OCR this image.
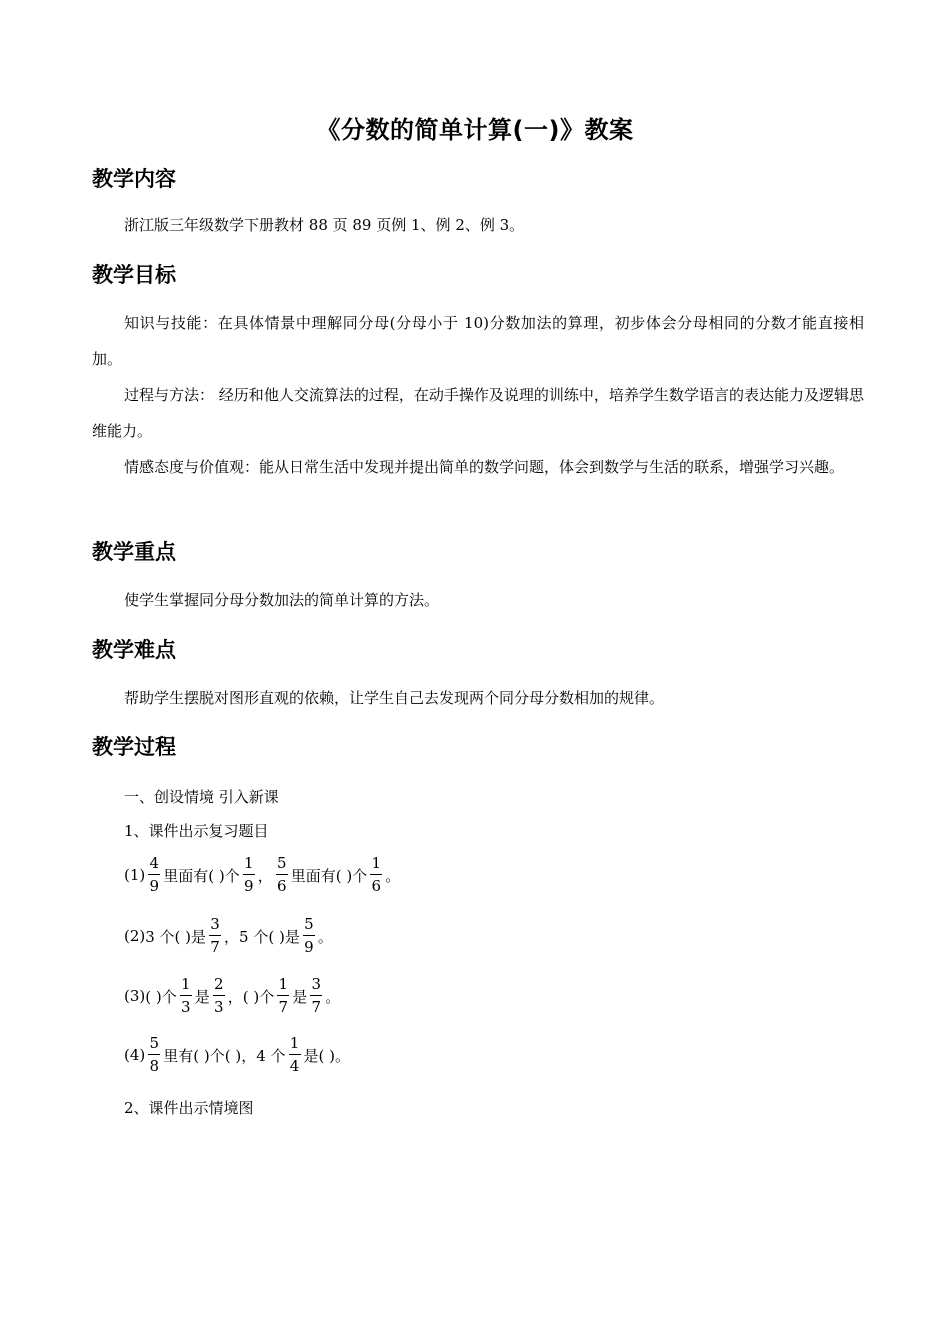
《分数的简单计算(一)》教案
教学内容
浙江版三年级数学下册教材 88 页 89 页例 1、例 2、例 3。
教学目标
知识与技能：在具体情景中理解同分母(分母小于 10)分数加法的算理，初步体会分母相同的分数才能直接相加。
过程与方法： 经历和他人交流算法的过程，在动手操作及说理的训练中，培养学生数学语言的表达能力及逻辑思维能力。
情感态度与价值观：能从日常生活中发现并提出简单的数学问题，体会到数学与生活的联系，增强学习兴趣。
教学重点
使学生掌握同分母分数加法的简单计算的方法。
教学难点
帮助学生摆脱对图形直观的依赖，让学生自己去发现两个同分母分数相加的规律。
教学过程
一、创设情境 引入新课
1、课件出示复习题目
$(1) \frac{4}{9}$ 里面有( )个 $\frac{1}{9}$ ， $\frac{5}{6}$ 里面有( )个 $\frac{1}{6}$ 。
(2) 3 个( )是 $\frac{3}{7}$ ，5 个( )是 $\frac{5}{9}$ 。
(3) ( )个 $\frac{1}{3}$ 是 $\frac{2}{3}$ ，( )个 $\frac{1}{7}$ 是 $\frac{3}{7}$ 。
$(4) \frac{5}{8}$ 里有( )个( )，4 个 $\frac{1}{4}$ 是( )。
2、课件出示情境图
